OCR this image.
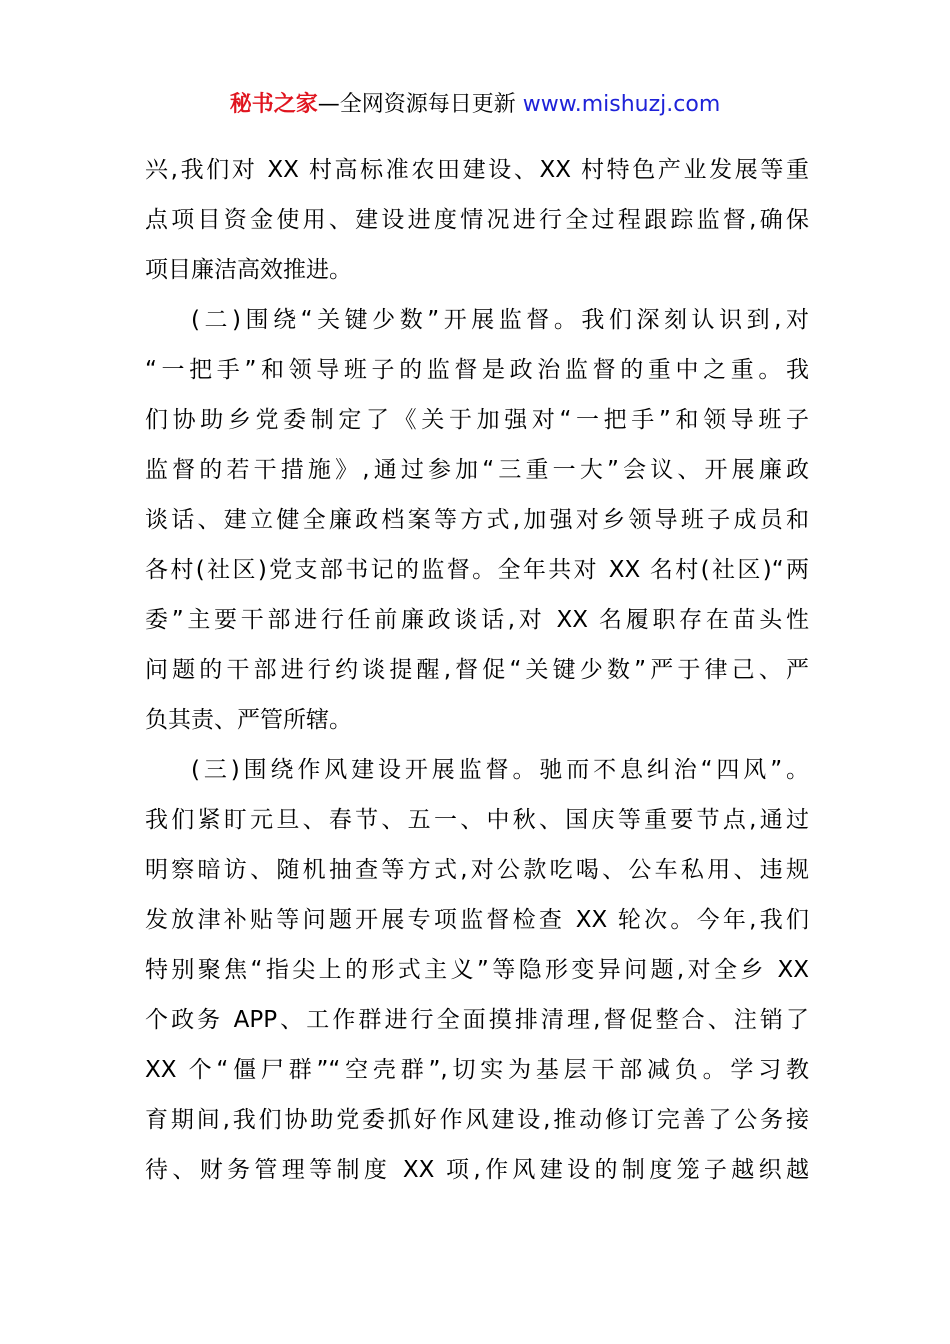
秘书之家—全网资源每日更新 www.mishuzj.com
兴,我们对 XX 村高标准农田建设、XX 村特色产业发展等重
点项目资金使用、建设进度情况进行全过程跟踪监督,确保
项目廉洁高效推进。
(二)围绕“关键少数”开展监督。我们深刻认识到,对
“一把手”和领导班子的监督是政治监督的重中之重。我
们协助乡党委制定了《关于加强对“一把手”和领导班子
监督的若干措施》,通过参加“三重一大”会议、开展廉政
谈话、建立健全廉政档案等方式,加强对乡领导班子成员和
各村(社区)党支部书记的监督。全年共对 XX 名村(社区)“两
委”主要干部进行任前廉政谈话,对 XX 名履职存在苗头性
问题的干部进行约谈提醒,督促“关键少数”严于律己、严
负其责、严管所辖。
(三)围绕作风建设开展监督。驰而不息纠治“四风”。
我们紧盯元旦、春节、五一、中秋、国庆等重要节点,通过
明察暗访、随机抽查等方式,对公款吃喝、公车私用、违规
发放津补贴等问题开展专项监督检查 XX 轮次。今年,我们
特别聚焦“指尖上的形式主义”等隐形变异问题,对全乡 XX
个政务 APP、工作群进行全面摸排清理,督促整合、注销了
XX 个“僵尸群”“空壳群”,切实为基层干部减负。学习教
育期间,我们协助党委抓好作风建设,推动修订完善了公务接
待、财务管理等制度 XX 项,作风建设的制度笼子越织越
